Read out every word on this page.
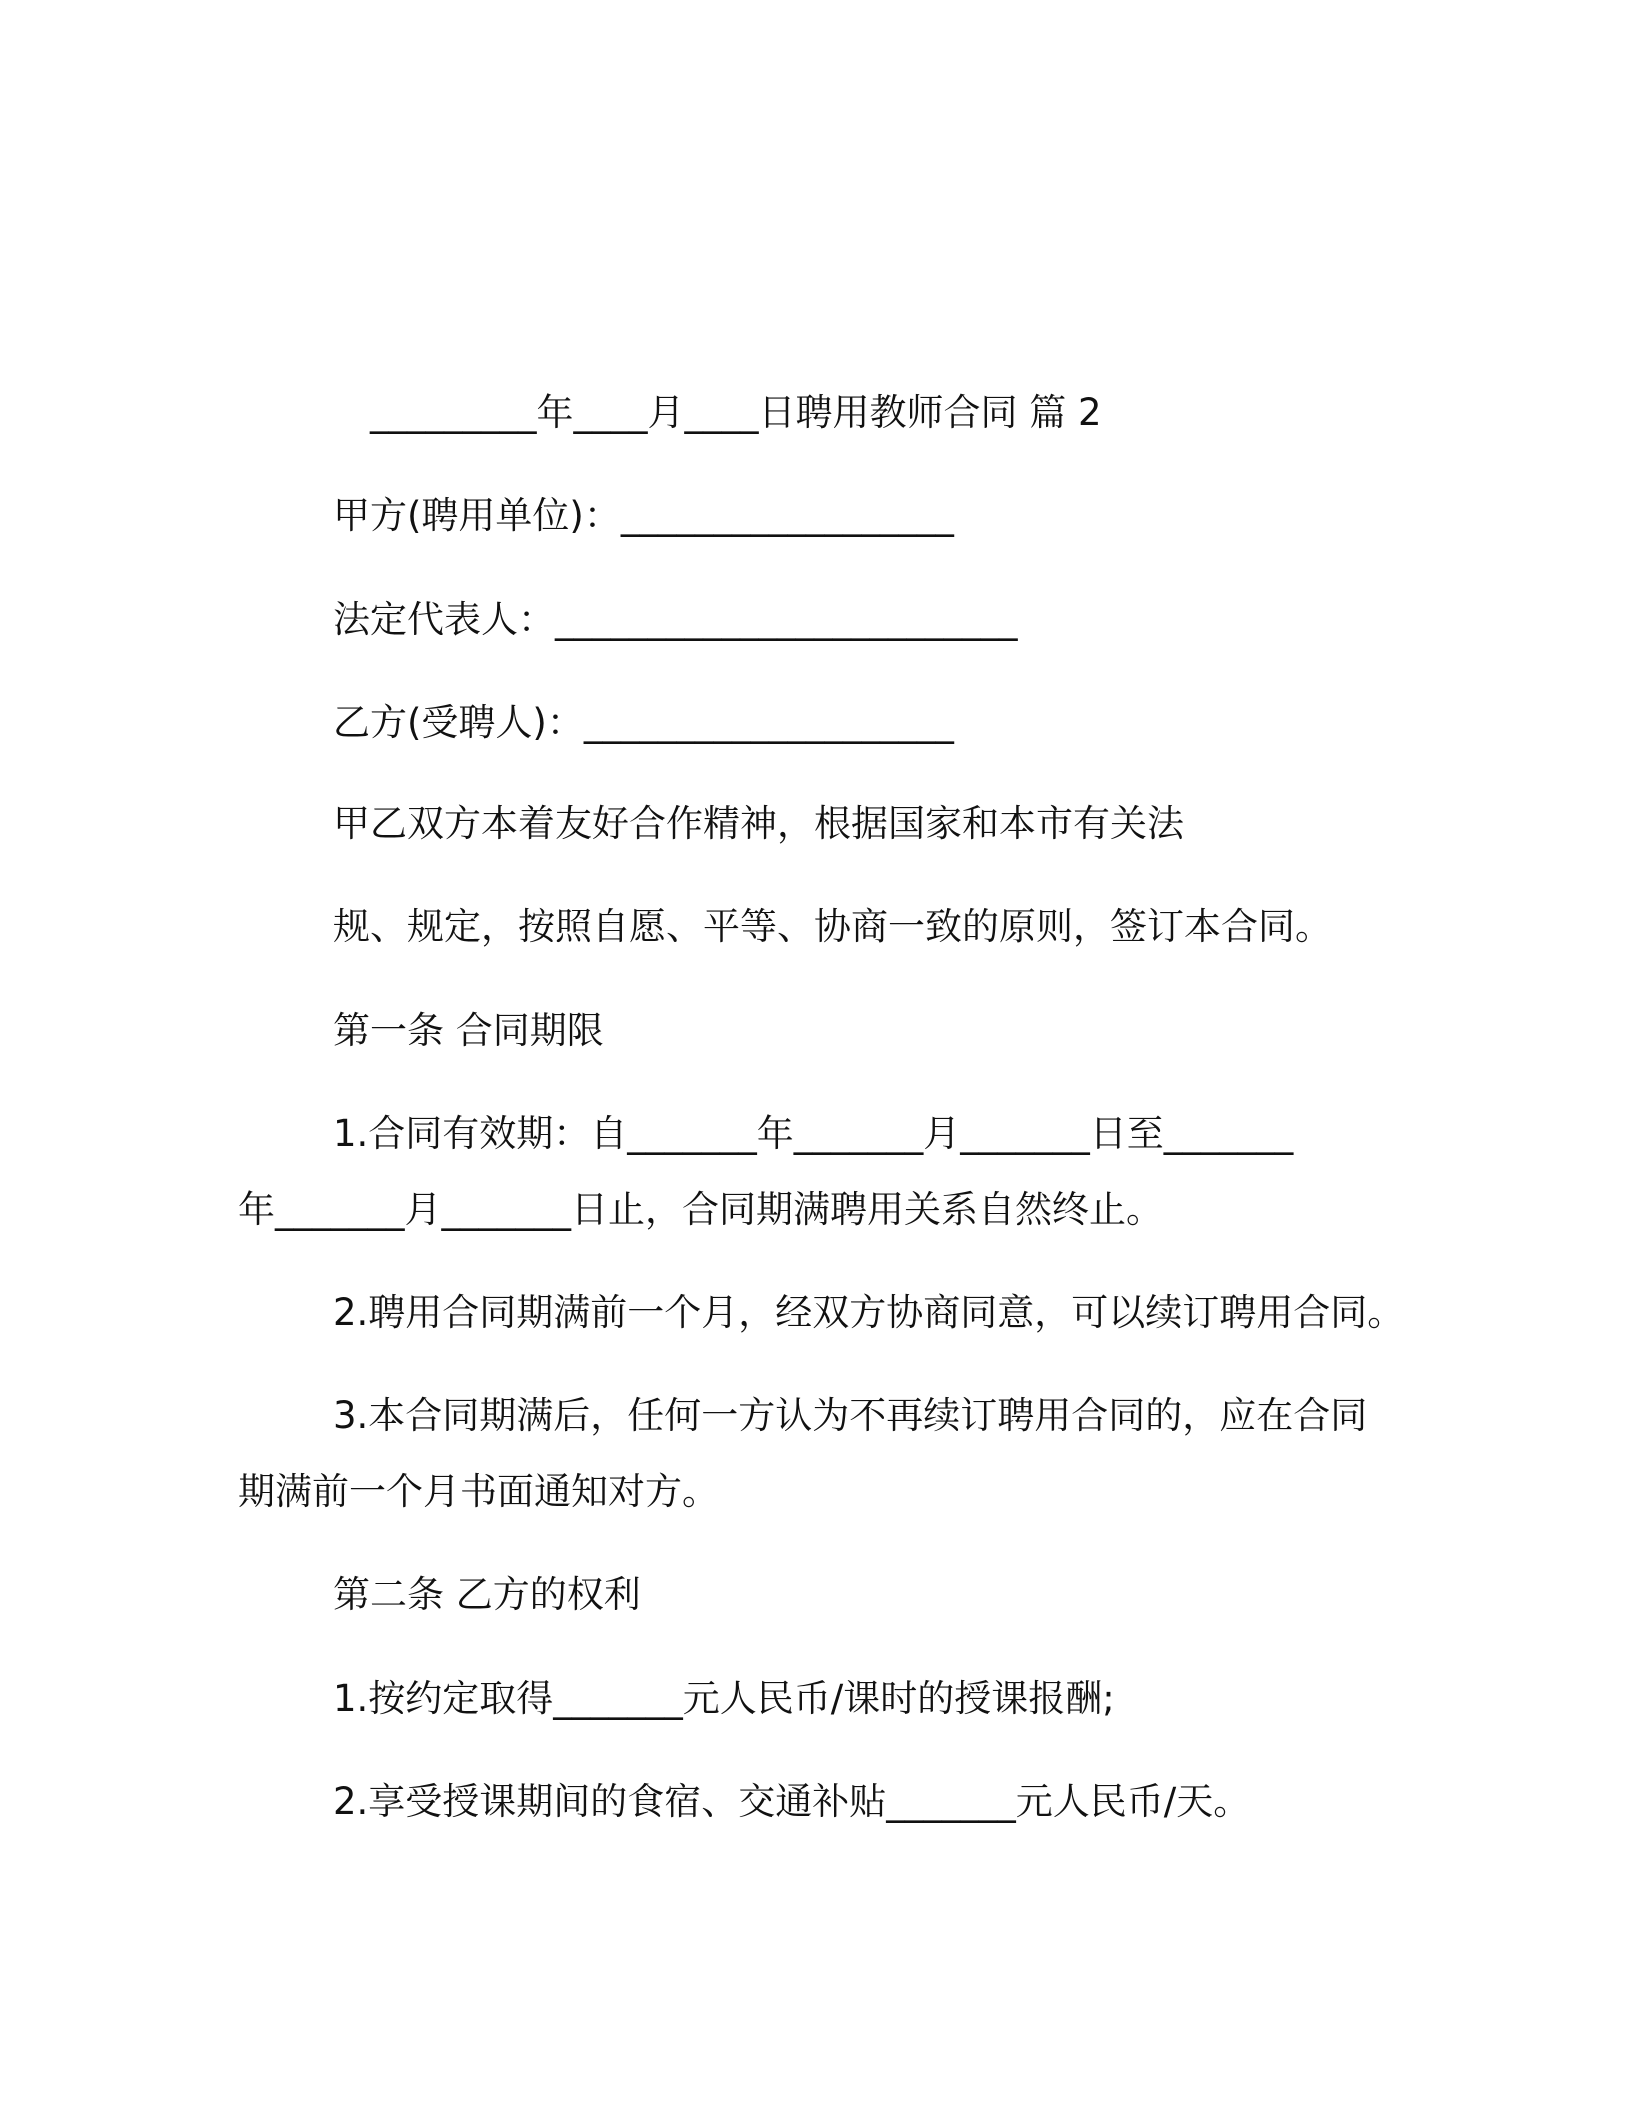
_________年____月____日聘用教师合同 篇 2
甲方(聘用单位)：__________________
法定代表人：_________________________
乙方(受聘人)：____________________
甲乙双方本着友好合作精神，根据国家和本市有关法
规、规定，按照自愿、平等、协商一致的原则，签订本合同。
第一条 合同期限
1.合同有效期：自_______年_______月_______日至_______
年_______月_______日止，合同期满聘用关系自然终止。
2.聘用合同期满前一个月，经双方协商同意，可以续订聘用合同。
3.本合同期满后，任何一方认为不再续订聘用合同的，应在合同
期满前一个月书面通知对方。
第二条 乙方的权利
1.按约定取得_______元人民币/课时的授课报酬;
2.享受授课期间的食宿、交通补贴_______元人民币/天。
